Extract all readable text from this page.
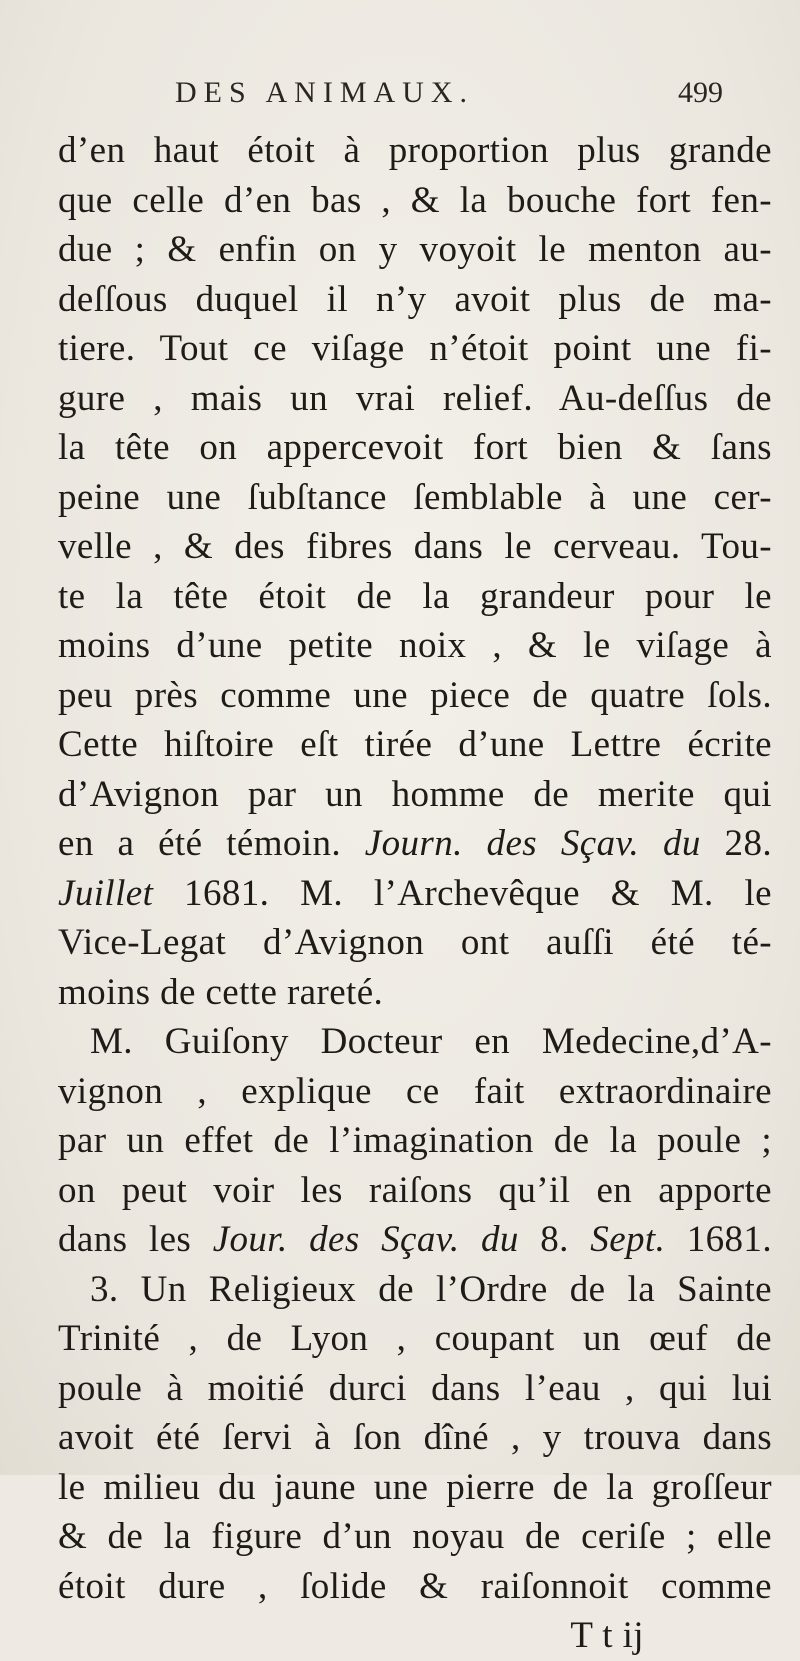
DES ANIMAUX.	499
d’en haut étoit à proportion plus grande
que celle d’en bas , & la bouche fort fen-
due ; & enfin on y voyoit le menton au-
deſſous duquel il n’y avoit plus de ma-
tiere. Tout ce viſage n’étoit point une fi-
gure , mais un vrai relief. Au-deſſus de
la tête on appercevoit fort bien & ſans
peine une ſubſtance ſemblable à une cer-
velle , & des fibres dans le cerveau. Tou-
te la tête étoit de la grandeur pour le
moins d’une petite noix , & le viſage à
peu près comme une piece de quatre ſols.
Cette hiſtoire eſt tirée d’une Lettre écrite
d’Avignon par un homme de merite qui
en a été témoin. Journ. des Sçav. du 28.
Juillet 1681. M. l’Archevêque & M. le
Vice-Legat d’Avignon ont auſſi été té-
moins de cette rareté.
M. Guiſony Docteur en Medecine,d’A-
vignon , explique ce fait extraordinaire
par un effet de l’imagination de la poule ;
on peut voir les raiſons qu’il en apporte
dans les Jour. des Sçav. du 8. Sept. 1681.
3. Un Religieux de l’Ordre de la Sainte
Trinité , de Lyon , coupant un œuf de
poule à moitié durci dans l’eau , qui lui
avoit été ſervi à ſon dîné , y trouva dans
le milieu du jaune une pierre de la groſſeur
& de la figure d’un noyau de ceriſe ; elle
étoit dure , ſolide & raiſonnoit comme
T t ij
